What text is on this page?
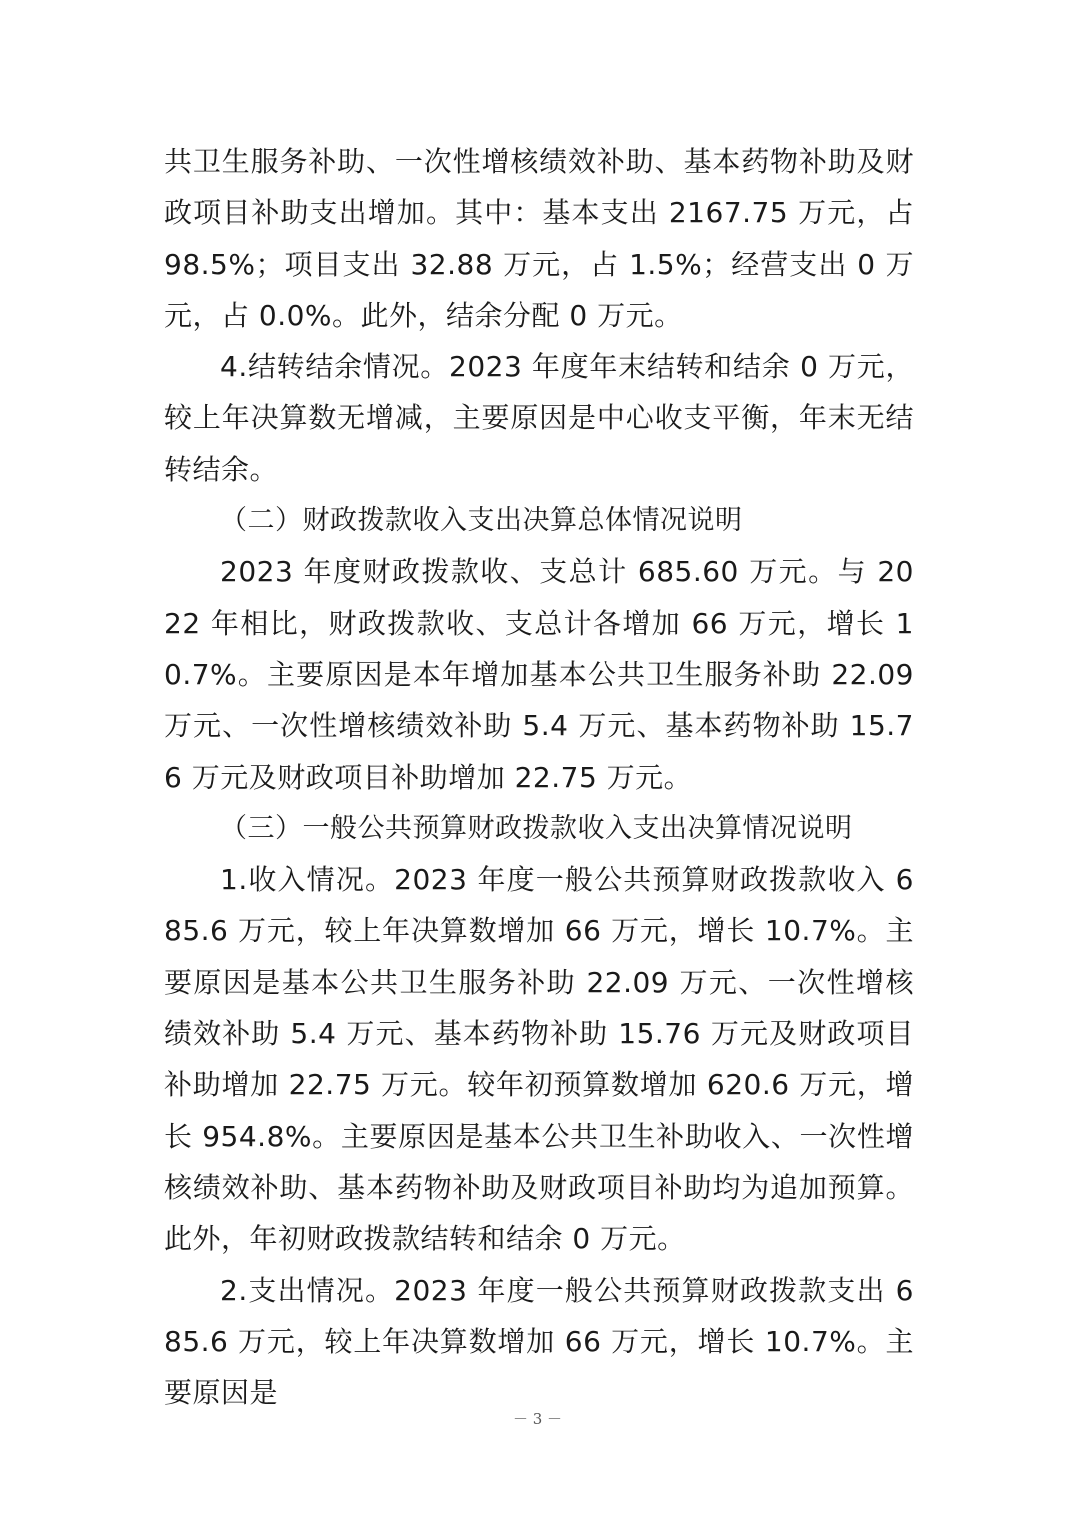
共卫生服务补助、一次性增核绩效补助、基本药物补助及财政项目补助支出增加。其中：基本支出 2167.75 万元，占 98.5%；项目支出 32.88 万元，占 1.5%；经营支出 0 万元，占 0.0%。此外，结余分配 0 万元。

4.结转结余情况。2023 年度年末结转和结余 0 万元，较上年决算数无增减，主要原因是中心收支平衡，年末无结转结余。

（二）财政拨款收入支出决算总体情况说明

2023 年度财政拨款收、支总计 685.60 万元。与 2022 年相比，财政拨款收、支总计各增加 66 万元，增长 10.7%。主要原因是本年增加基本公共卫生服务补助 22.09 万元、一次性增核绩效补助 5.4 万元、基本药物补助 15.76 万元及财政项目补助增加 22.75 万元。

（三）一般公共预算财政拨款收入支出决算情况说明

1.收入情况。2023 年度一般公共预算财政拨款收入 685.6 万元，较上年决算数增加 66 万元，增长 10.7%。主要原因是基本公共卫生服务补助 22.09 万元、一次性增核绩效补助 5.4 万元、基本药物补助 15.76 万元及财政项目补助增加 22.75 万元。较年初预算数增加 620.6 万元，增长 954.8%。主要原因是基本公共卫生补助收入、一次性增核绩效补助、基本药物补助及财政项目补助均为追加预算。此外，年初财政拨款结转和结余 0 万元。

2.支出情况。2023 年度一般公共预算财政拨款支出 685.6 万元，较上年决算数增加 66 万元，增长 10.7%。主要原因是

－ 3 －
